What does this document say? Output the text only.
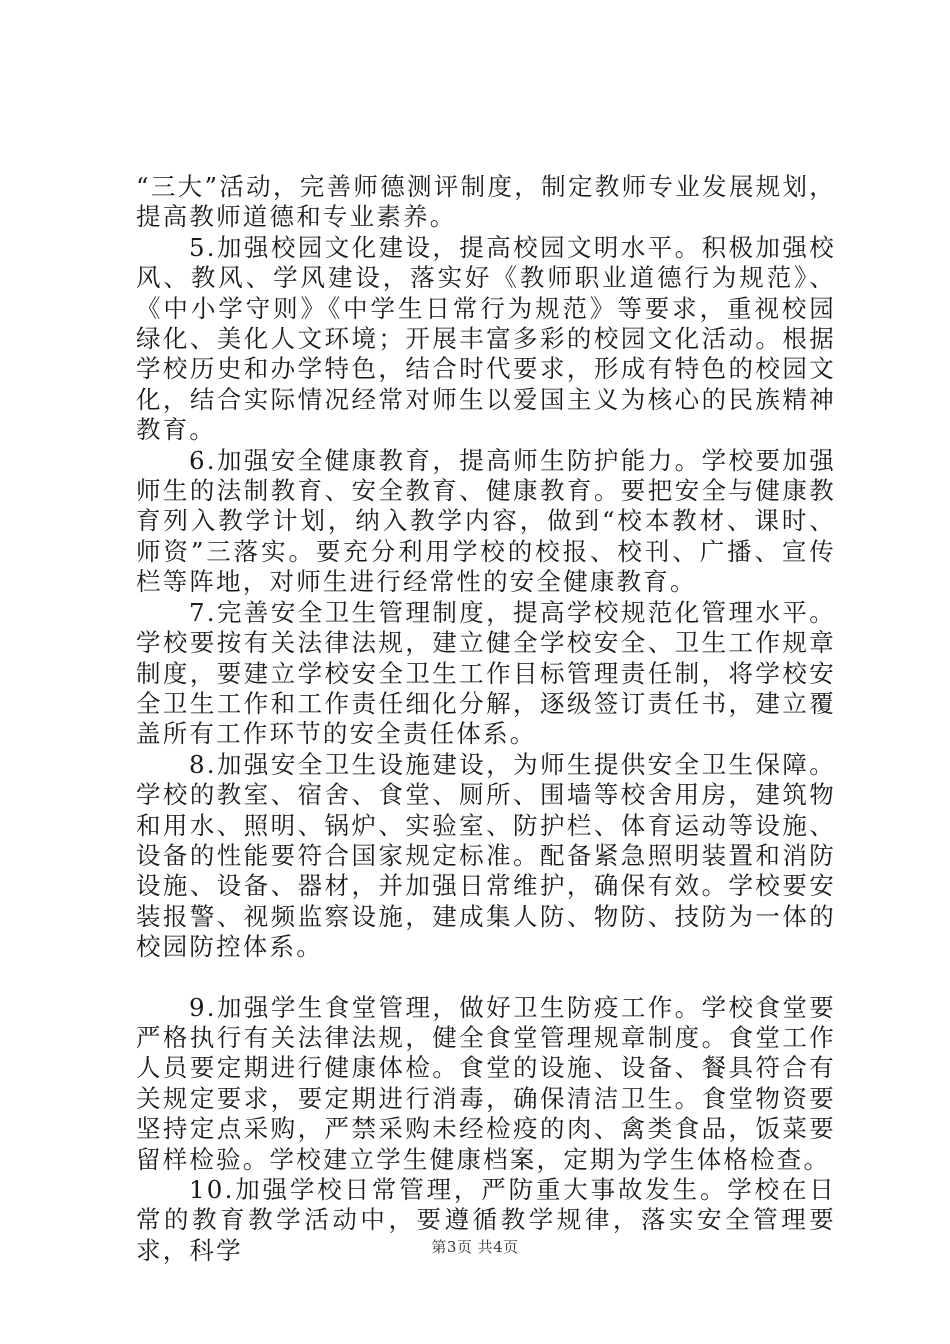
“三大”活动，完善师德测评制度，制定教师专业发展规划，提高教师道德和专业素养。

5.加强校园文化建设，提高校园文明水平。积极加强校风、教风、学风建设，落实好《教师职业道德行为规范》、《中小学守则》《中学生日常行为规范》等要求，重视校园绿化、美化人文环境；开展丰富多彩的校园文化活动。根据学校历史和办学特色，结合时代要求，形成有特色的校园文化，结合实际情况经常对师生以爱国主义为核心的民族精神教育。

6.加强安全健康教育，提高师生防护能力。学校要加强师生的法制教育、安全教育、健康教育。要把安全与健康教育列入教学计划，纳入教学内容，做到“校本教材、课时、师资”三落实。要充分利用学校的校报、校刊、广播、宣传栏等阵地，对师生进行经常性的安全健康教育。

7.完善安全卫生管理制度，提高学校规范化管理水平。学校要按有关法律法规，建立健全学校安全、卫生工作规章制度，要建立学校安全卫生工作目标管理责任制，将学校安全卫生工作和工作责任细化分解，逐级签订责任书，建立覆盖所有工作环节的安全责任体系。

8.加强安全卫生设施建设，为师生提供安全卫生保障。学校的教室、宿舍、食堂、厕所、围墙等校舍用房，建筑物和用水、照明、锅炉、实验室、防护栏、体育运动等设施、设备的性能要符合国家规定标准。配备紧急照明装置和消防设施、设备、器材，并加强日常维护，确保有效。学校要安装报警、视频监察设施，建成集人防、物防、技防为一体的校园防控体系。

9.加强学生食堂管理，做好卫生防疫工作。学校食堂要严格执行有关法律法规，健全食堂管理规章制度。食堂工作人员要定期进行健康体检。食堂的设施、设备、餐具符合有关规定要求，要定期进行消毒，确保清洁卫生。食堂物资要坚持定点采购，严禁采购未经检疫的肉、禽类食品，饭菜要留样检验。学校建立学生健康档案，定期为学生体格检查。

10.加强学校日常管理，严防重大事故发生。学校在日常的教育教学活动中，要遵循教学规律，落实安全管理要求，科学	第3页 共4页
